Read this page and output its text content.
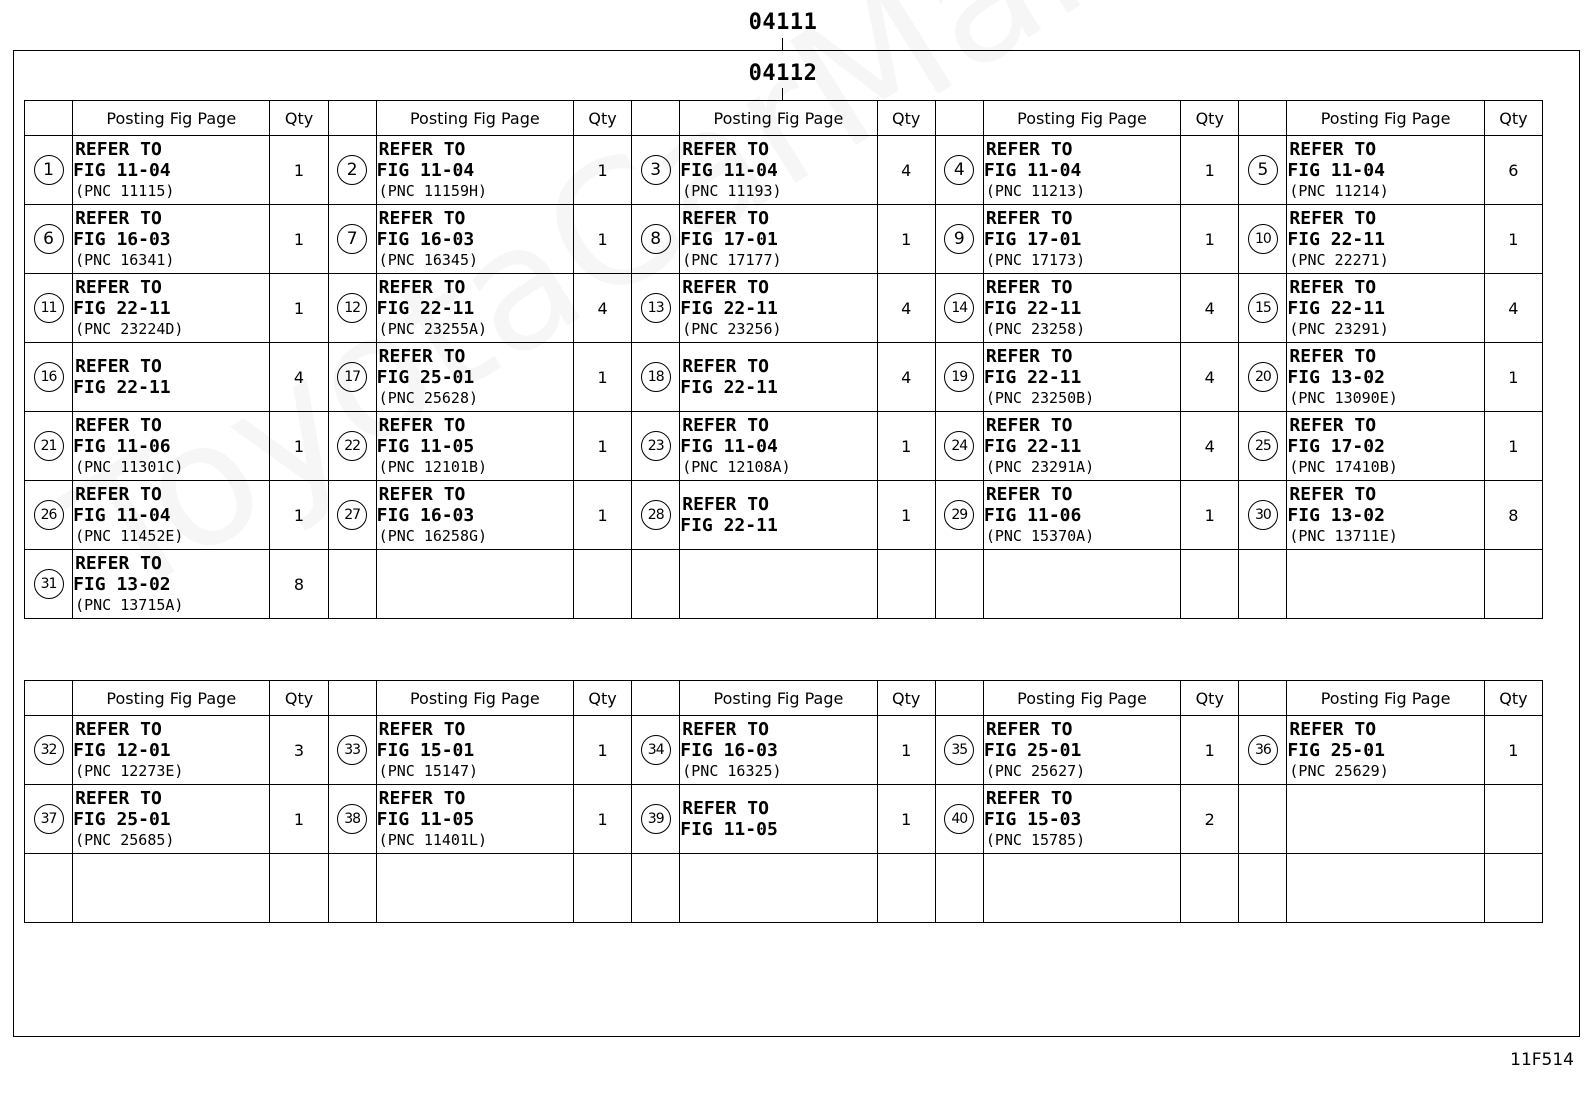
04111
04112
	Posting Fig Page	Qty		Posting Fig Page	Qty		Posting Fig Page	Qty		Posting Fig Page	Qty		Posting Fig Page	Qty
1	REFER TO
FIG 11-04
(PNC 11115)	1	2	REFER TO
FIG 11-04
(PNC 11159H)	1	3	REFER TO
FIG 11-04
(PNC 11193)	4	4	REFER TO
FIG 11-04
(PNC 11213)	1	5	REFER TO
FIG 11-04
(PNC 11214)	6
6	REFER TO
FIG 16-03
(PNC 16341)	1	7	REFER TO
FIG 16-03
(PNC 16345)	1	8	REFER TO
FIG 17-01
(PNC 17177)	1	9	REFER TO
FIG 17-01
(PNC 17173)	1	10	REFER TO
FIG 22-11
(PNC 22271)	1
11	REFER TO
FIG 22-11
(PNC 23224D)	1	12	REFER TO
FIG 22-11
(PNC 23255A)	4	13	REFER TO
FIG 22-11
(PNC 23256)	4	14	REFER TO
FIG 22-11
(PNC 23258)	4	15	REFER TO
FIG 22-11
(PNC 23291)	4
16	REFER TO
FIG 22-11	4	17	REFER TO
FIG 25-01
(PNC 25628)	1	18	REFER TO
FIG 22-11	4	19	REFER TO
FIG 22-11
(PNC 23250B)	4	20	REFER TO
FIG 13-02
(PNC 13090E)	1
21	REFER TO
FIG 11-06
(PNC 11301C)	1	22	REFER TO
FIG 11-05
(PNC 12101B)	1	23	REFER TO
FIG 11-04
(PNC 12108A)	1	24	REFER TO
FIG 22-11
(PNC 23291A)	4	25	REFER TO
FIG 17-02
(PNC 17410B)	1
26	REFER TO
FIG 11-04
(PNC 11452E)	1	27	REFER TO
FIG 16-03
(PNC 16258G)	1	28	REFER TO
FIG 22-11	1	29	REFER TO
FIG 11-06
(PNC 15370A)	1	30	REFER TO
FIG 13-02
(PNC 13711E)	8
31	REFER TO
FIG 13-02
(PNC 13715A)	8												
	Posting Fig Page	Qty		Posting Fig Page	Qty		Posting Fig Page	Qty		Posting Fig Page	Qty		Posting Fig Page	Qty
32	REFER TO
FIG 12-01
(PNC 12273E)	3	33	REFER TO
FIG 15-01
(PNC 15147)	1	34	REFER TO
FIG 16-03
(PNC 16325)	1	35	REFER TO
FIG 25-01
(PNC 25627)	1	36	REFER TO
FIG 25-01
(PNC 25629)	1
37	REFER TO
FIG 25-01
(PNC 25685)	1	38	REFER TO
FIG 11-05
(PNC 11401L)	1	39	REFER TO
FIG 11-05	1	40	REFER TO
FIG 15-03
(PNC 15785)	2			

11F514
